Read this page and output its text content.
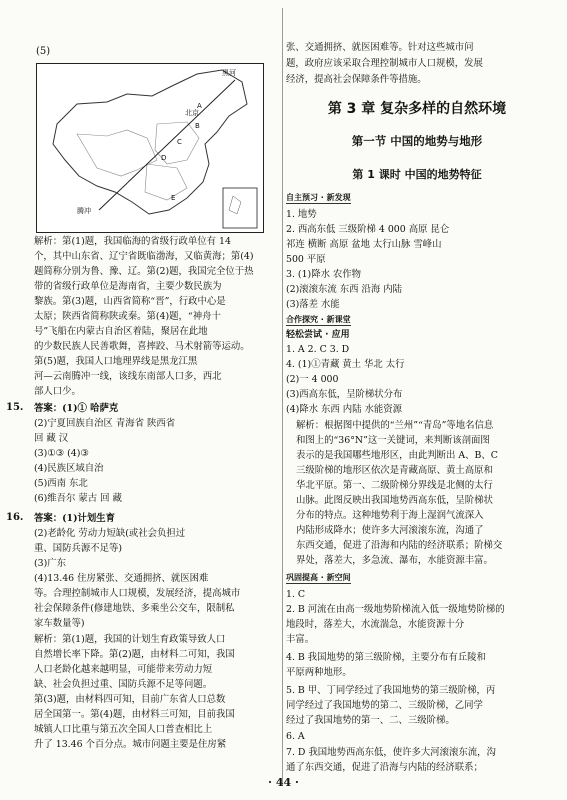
(5)
黑河
腾冲
北京
A
B
C
D
E
解析：第(1)题，我国临海的省级行政单位有 14
个，其中山东省、辽宁省既临渤海，又临黄海；第(4)
题简称分别为鲁、豫、辽。第(2)题，我国完全位于热
带的省级行政单位是海南省，主要少数民族为
黎族。第(3)题，山西省简称“晋”，行政中心是
太原；陕西省简称陕或秦。第(4)题，“神舟十
号”飞船在内蒙古自治区着陆，聚居在此地
的少数民族人民善歌舞，喜摔跤、马术射箭等运动。
第(5)题，我国人口地理界线是黑龙江黑
河—云南腾冲一线，该线东南部人口多，西北
部人口少。
15. 答案：(1)① 哈萨克
(2)宁夏回族自治区 青海省 陕西省
回 藏 汉
(3)①③ (4)③
(4)民族区域自治
(5)西南 东北
(6)维吾尔 蒙古 回 藏
16. 答案：(1)计划生育
(2)老龄化 劳动力短缺(或社会负担过
重、国防兵源不足等)
(3)广东
(4)13.46 住房紧张、交通拥挤、就医困难
等。合理控制城市人口规模，发展经济，提高城市
社会保障条件(修建地铁、多乘坐公交车，限制私
家车数量等)
解析：第(1)题，我国的计划生育政策导致人口
自然增长率下降。第(2)题，由材料二可知，我国
人口老龄化越来越明显，可能带来劳动力短
缺、社会负担过重、国防兵源不足等问题。
第(3)题，由材料四可知，目前广东省人口总数
居全国第一。第(4)题，由材料三可知，目前我国
城镇人口比重与第五次全国人口普查相比上
升了 13.46 个百分点。城市问题主要是住房紧
张、交通拥挤、就医困难等。针对这些城市问
题，政府应该采取合理控制城市人口规模，发展
经济，提高社会保障条件等措施。
第 3 章 复杂多样的自然环境
第一节 中国的地势与地形
第 1 课时 中国的地势特征
自主预习 · 新发现
1. 地势
2. 西高东低 三级阶梯 4 000 高原 昆仑
祁连 横断 高原 盆地 太行山脉 雪峰山
500 平原
3. (1)降水 农作物
(2)滚滚东流 东西 沿海 内陆
(3)落差 水能
合作探究 · 新课堂
轻松尝试 · 应用
1. A 2. C 3. D
4. (1)①青藏 黄土 华北 太行
(2)一 4 000
(3)西高东低，呈阶梯状分布
(4)降水 东西 内陆 水能资源
解析：根据图中提供的“兰州”“青岛”等地名信息
和图上的“36°N”这一关键词，来判断该剖面图
表示的是我国哪些地形区，由此判断出 A、B、C
三级阶梯的地形区依次是青藏高原、黄土高原和
华北平原。第一、二级阶梯分界线是北侧的太行
山脉。此图反映出我国地势西高东低，呈阶梯状
分布的特点。这种地势利于海上湿润气流深入
内陆形成降水；使许多大河滚滚东流，沟通了
东西交通，促进了沿海和内陆的经济联系；阶梯交
界处，落差大，多急流、瀑布，水能资源丰富。
巩固提高 · 新空间
1. C
2. B 河流在由高一级地势阶梯流入低一级地势阶梯的
地段时，落差大，水流湍急，水能资源十分
丰富。
4. B 我国地势的第三级阶梯，主要分布有丘陵和
平原两种地形。
5. B 甲、丁同学经过了我国地势的第三级阶梯，丙
同学经过了我国地势的第二、三级阶梯，乙同学
经过了我国地势的第一、二、三级阶梯。
6. A
7. D 我国地势西高东低，使许多大河滚滚东流，沟
通了东西交通，促进了沿海与内陆的经济联系；
· 44 ·
